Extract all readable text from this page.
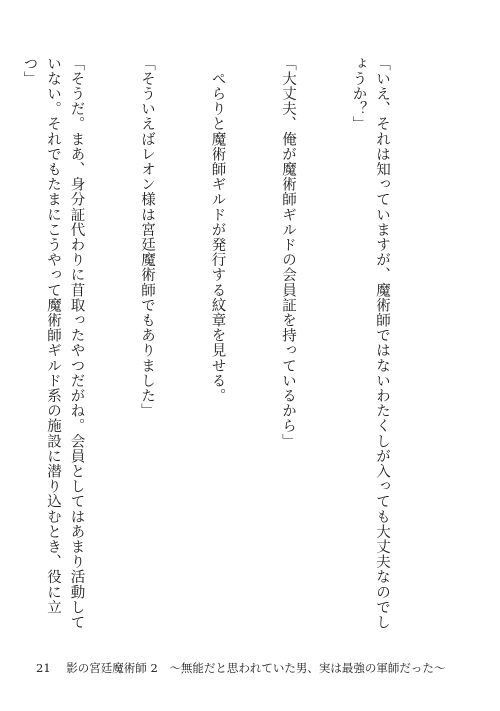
「いえ、それは知っていますが、魔術師ではないわたくしが入っても大丈夫なのでしょうか？」

「大丈夫、俺が魔術師ギルドの会員証を持っているから」

　ぺらりと魔術師ギルドが発行する紋章を見せる。

「そういえばレオン様は宮廷魔術師でもありました」

「そうだ。まあ、身分証代わりに苜取ったやつだがね。会員としてはあまり活動していない。それでもたまにこうやって魔術師ギルド系の施設に潜り込むとき、役に立つ」

21 影の宮廷魔術師 2 〜無能だと思われていた男、実は最強の軍師だった〜
